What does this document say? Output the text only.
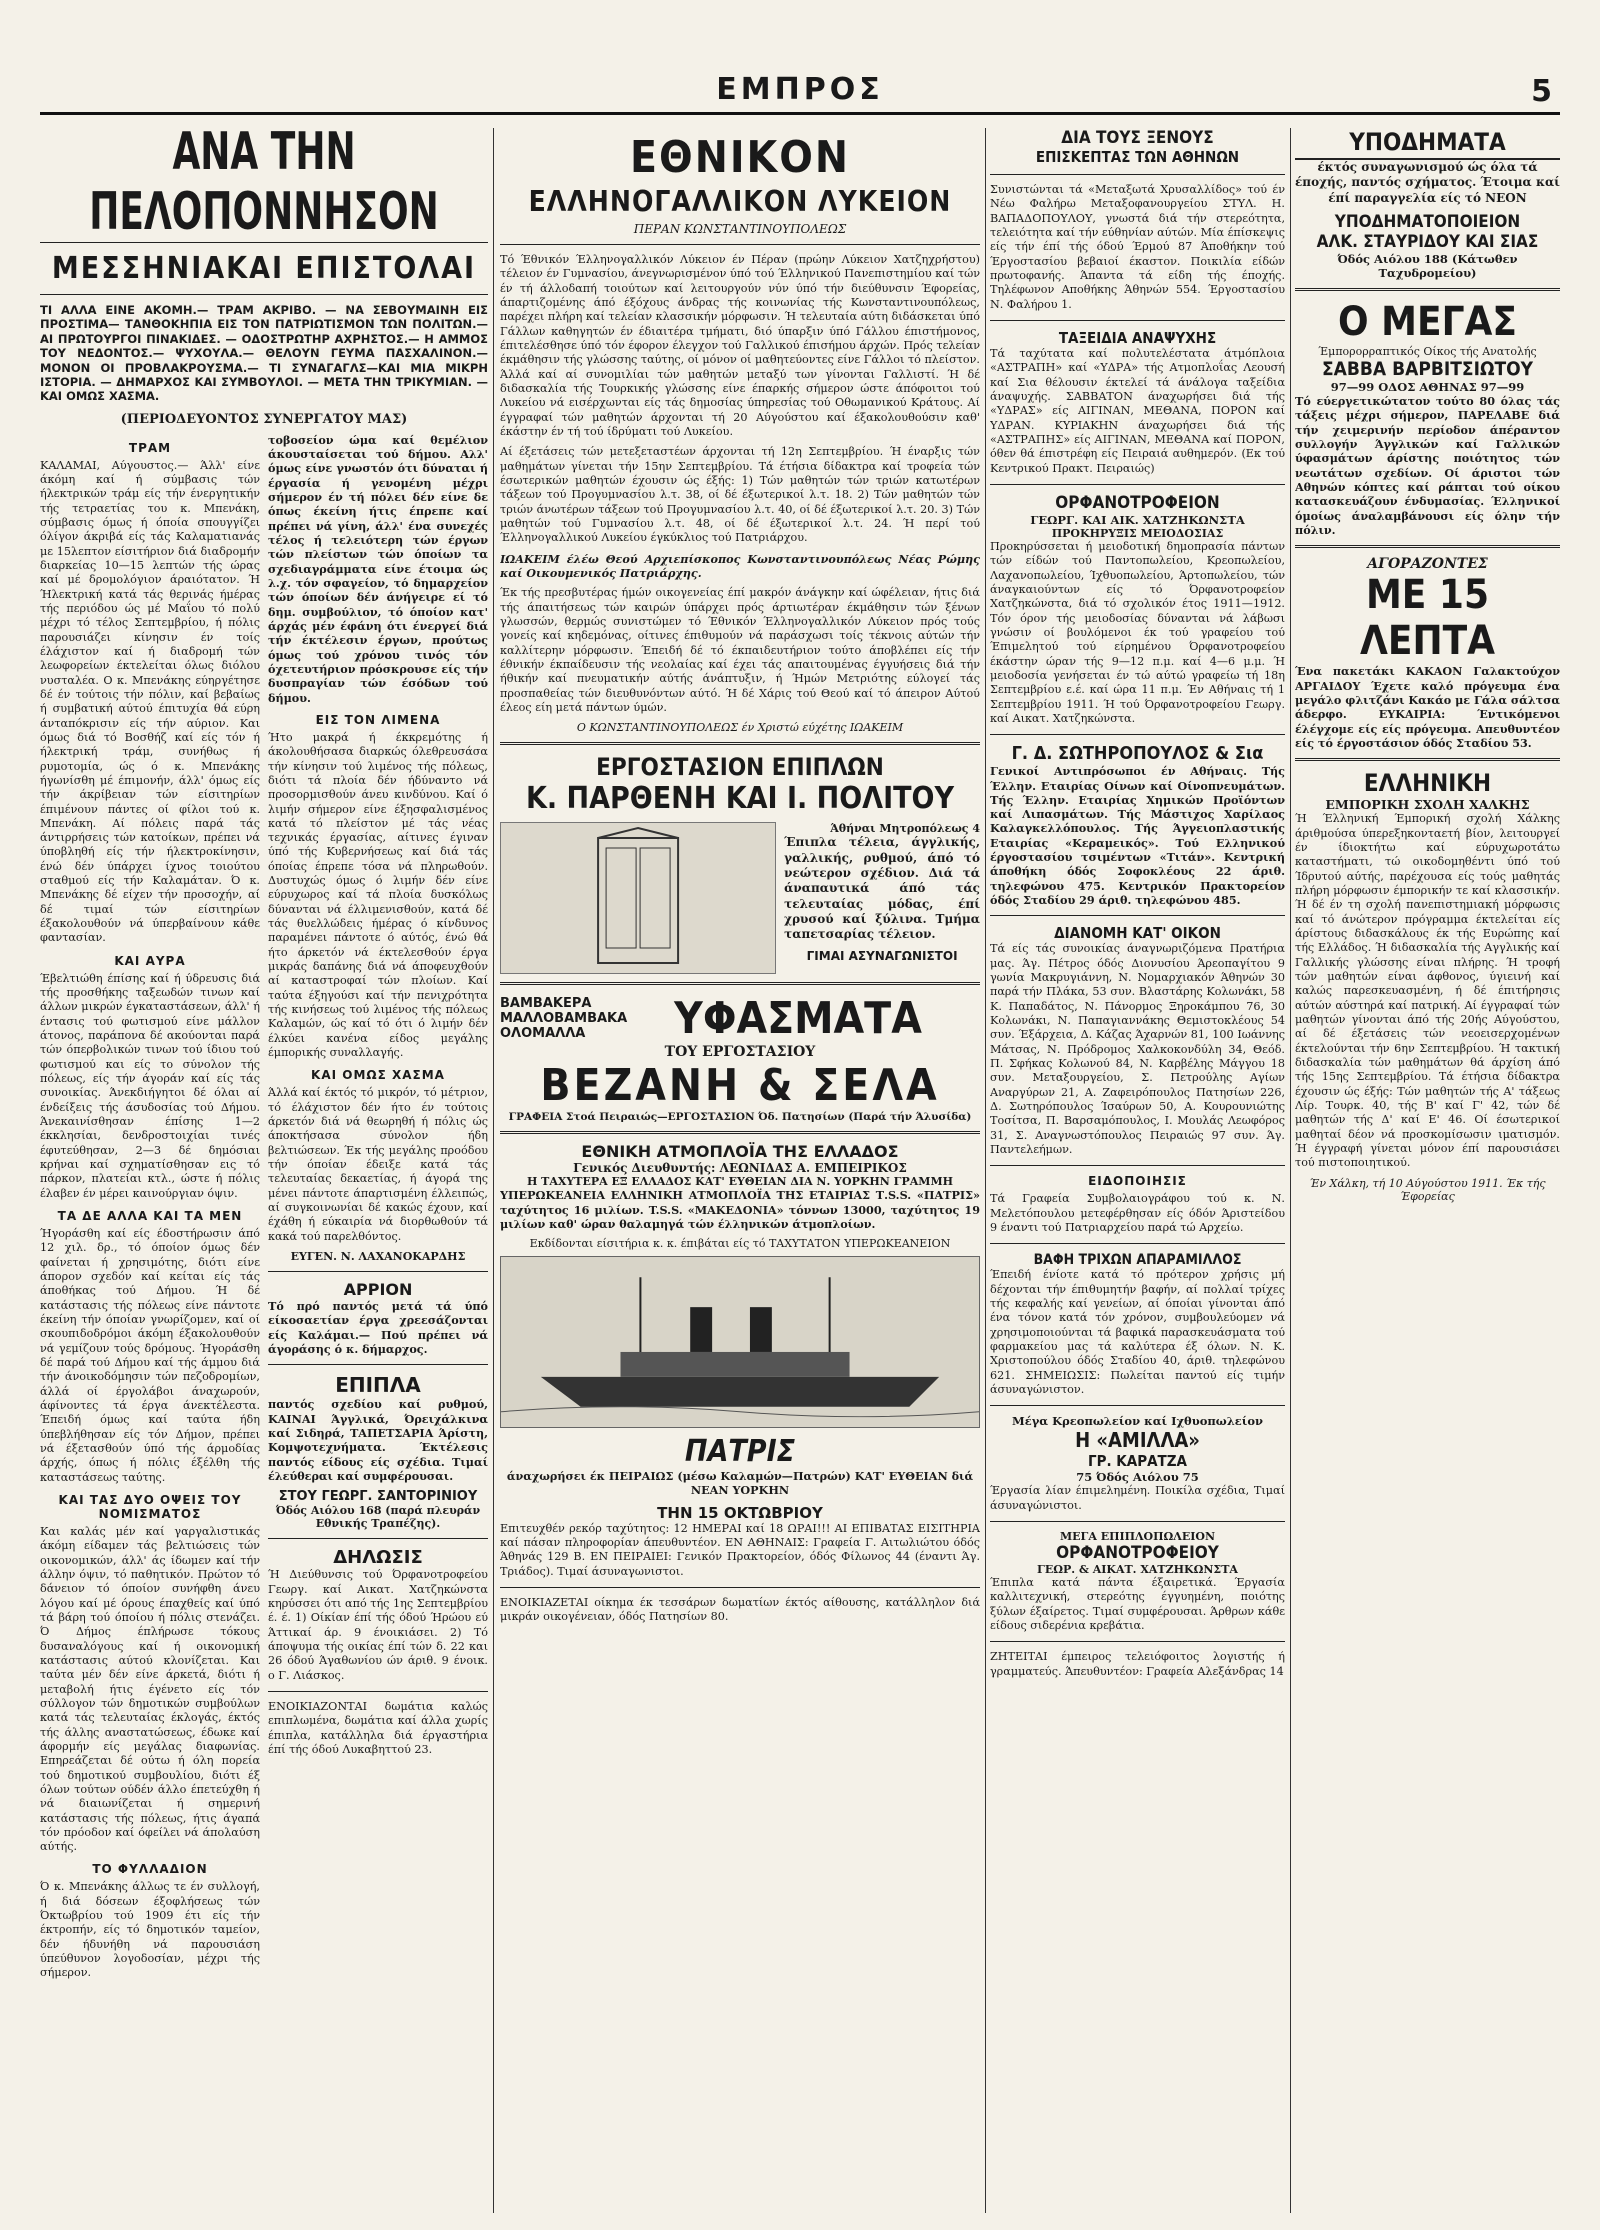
ΕΜΠΡΟΣ	5
ΑΝΑ ΤΗΝ ΠΕΛΟΠΟΝΝΗΣΟΝ
ΜΕΣΣΗΝΙΑΚΑΙ ΕΠΙΣΤΟΛΑΙ
ΤΙ ΑΛΛΑ ΕΙΝΕ ΑΚΟΜΗ.— ΤΡΑΜ ΑΚΡΙΒΟ. — ΝΑ ΣΕΒΟΥΜΑΙΝΗ ΕΙΣ ΠΡΟΣΤΙΜΑ— ΤΑΝΘΟΚΗΠΙΑ ΕΙΣ ΤΟΝ ΠΑΤΡΙΩΤΙΣΜΟΝ ΤΩΝ ΠΟΛΙΤΩΝ.— ΑΙ ΠΡΩΤΟΥΡΓΟΙ ΠΙΝΑΚΙΔΕΣ. — ΟΔΟΣΤΡΩΤΗΡ ΑΧΡΗΣΤΟΣ.— Η ΑΜΜΟΣ ΤΟΥ ΝΕΔΟΝΤΟΣ.— ΨΥΧΟΥΛΑ.— ΘΕΛΟΥΝ ΓΕΥΜΑ ΠΑΣΧΑΛΙΝΟΝ.— ΜΟΝΟΝ ΟΙ ΠΡΟΒΛΑΚΡΟΥΣΜΑ.— ΤΙ ΣΥΝΑΓΑΓΛΣ—ΚΑΙ ΜΙΑ ΜΙΚΡΗ ΙΣΤΟΡΙΑ. — ΔΗΜΑΡΧΟΣ ΚΑΙ ΣΥΜΒΟΥΛΟΙ. — ΜΕΤΑ ΤΗΝ ΤΡΙΚΥΜΙΑΝ. — ΚΑΙ ΟΜΩΣ ΧΑΣΜΑ.
(ΠΕΡΙΟΔΕΥΟΝΤΟΣ ΣΥΝΕΡΓΑΤΟΥ ΜΑΣ)
ΤΡΑΜ

ΚΑΛΑΜΑΙ, Αύγουστος.— Άλλ' είνε άκόμη καί ή σύμβασις τών ήλεκτρικών τράμ είς τήν ένεργητικήν τής τετραετίας του κ. Μπενάκη, σύμβασις όμως ή όποία σπουγγίζει όλίγον άκριβά είς τάς Καλαματιανάς με 15λεπτον είσιτήριον διά διαδρομήν διαρκείας 10—15 λεπτών τής ώρας καί μέ δρομολόγιον άραιότατον. Ή Ήλεκτρική κατά τάς θερινάς ήμέρας τής περιόδου ώς μέ Μαΐου τό πολύ μέχρι τό τέλος Σεπτεμβρίου, ή πόλις παρουσιάζει κίνησιν έν τοίς έλάχιστον καί ή διαδρομή τών λεωφορείων έκτελείται όλως διόλου νυσταλέα. Ο κ. Μπενάκης εύηργέτησε δέ έν τούτοις τήν πόλιν, καί βεβαίως ή συμβατική αύτού έπιτυχία θά εύρη άνταπόκρισιν είς τήν αύριον. Και όμως διά τό Βοσθήζ καί είς τόν ή ήλεκτρική τράμ, συνήθως ή ρυμοτομία, ώς ό κ. Μπενάκης ήγωνίσθη μέ έπιμονήν, άλλ' όμως είς τήν άκρίβειαν τών είσιτηρίων έπιμένουν πάντες οί φίλοι τού κ. Μπενάκη. Αί πόλεις παρά τάς άντιρρήσεις τών κατοίκων, πρέπει νά ύποβληθή είς τήν ήλεκτροκίνησιν, ένώ δέν ύπάρχει ίχνος τοιούτου σταθμού είς τήν Καλαμάταν. Ό κ. Μπενάκης δέ είχεν τήν προσοχήν, αί δέ τιμαί τών είσιτηρίων έξακολουθούν νά ύπερβαίνουν κάθε φαντασίαν.

ΚΑΙ ΑΥΡΑ

Έβελτιώθη έπίσης καί ή ύδρευσις διά τής προσθήκης ταξεωδών τινων καί άλλων μικρών έγκαταστάσεων, άλλ' ή έντασις τού φωτισμού είνε μάλλον άτονος, παράπονα δέ ακούονται παρά τών όπερβολικών τινων τού ίδιου τού φωτισμού και είς το σύνολον τής πόλεως, είς τήν άγοράν καί είς τάς συνοικίας. Άνεκδιήγητοι δέ όλαι αί ένδείξεις τής άσυδοσίας τού Δήμου. Άνεκαινίσθησαν έπίσης 1—2 έκκλησίαι, δενδροστοιχίαι τινές έφυτεύθησαν, 2—3 δέ δημόσιαι κρήναι καί σχηματίσθησαν εις τό πάρκον, πλατείαι κτλ., ώστε ή πόλις έλαβεν έν μέρει καινούργιαν όψιν.

ΤΑ ΔΕ ΑΛΛΑ ΚΑΙ ΤΑ ΜΕΝ

Ήγοράσθη καί είς έδοστήρωσιν άπό 12 χιλ. δρ., τό όποίον όμως δέν φαίνεται ή χρησιμότης, διότι είνε άπορον σχεδόν καί κείται είς τάς άποθήκας τού Δήμου. Ή δέ κατάστασις τής πόλεως είνε πάντοτε έκείνη τήν όποίαν γνωρίζομεν, καί οί σκουπιδοδρόμοι άκόμη έξακολουθούν νά γεμίζουν τούς δρόμους. Ήγοράσθη δέ παρά τού Δήμου καί τής άμμου διά τήν άνοικοδόμησιν τών πεζοδρομίων, άλλά οί έργολάβοι άναχωρούν, άφίνοντες τά έργα άνεκτέλεστα. Έπειδή όμως καί ταύτα ήδη ύπεβλήθησαν είς τόν Δήμον, πρέπει νά έξετασθούν ύπό τής άρμοδίας άρχής, όπως ή πόλις έξέλθη τής καταστάσεως ταύτης.

ΚΑΙ ΤΑΣ ΔΥΟ ΟΨΕΙΣ ΤΟΥ ΝΟΜΙΣΜΑΤΟΣ

Και καλάς μέν καί γαργαλιστικάς άκόμη είδαμεν τάς βελτιώσεις τών οικονομικών, άλλ' άς ίδωμεν καί τήν άλλην όψιν, τό παθητικόν. Πρώτον τό δάνειον τό όποίον συνήφθη άνευ λόγου καί μέ όρους έπαχθείς καί ύπό τά βάρη τού όποίου ή πόλις στενάζει. Ό Δήμος έπλήρωσε τόκους δυσαναλόγους καί ή οικονομική κατάστασις αύτού κλονίζεται. Και ταύτα μέν δέν είνε άρκετά, διότι ή μεταβολή ήτις έγένετο είς τόν σύλλογον τών δημοτικών συμβούλων κατά τάς τελευταίας έκλογάς, έκτός τής άλλης αναστατώσεως, έδωκε καί άφορμήν είς μεγάλας διαφωνίας. Επηρεάζεται δέ ούτω ή όλη πορεία τού δημοτικού συμβουλίου, διότι έξ όλων τούτων ούδέν άλλο έπετεύχθη ή νά διαιωνίζεται ή σημερινή κατάστασις τής πόλεως, ήτις άγαπά τόν πρόοδον καί όφείλει νά άπολαύση αύτής.

ΤΟ ΦΥΛΛΑΔΙΟΝ

Ό κ. Μπενάκης άλλως τε έν συλλογή, ή διά δόσεων έξοφλήσεως τών Όκτωβρίου τού 1909 έτι είς τήν έκτροπήν, είς τό δημοτικόν ταμείον, δέν ήδυνήθη νά παρουσιάση ύπεύθυνον λογοδοσίαν, μέχρι τής σήμερον.

τοβοσείον ώμα καί θεμέλιον άκουσταίσεται τού δήμου. Αλλ' όμως είνε γνωστόν ότι δύναται ή έργασία ή γενομένη μέχρι σήμερον έν τή πόλει δέν είνε δε όπως έκείνη ήτις έπρεπε καί πρέπει νά γίνη, άλλ' ένα συνεχές τέλος ή τελειότερη τών έργων τών πλείστων τών όποίων τα σχεδιαγράμματα είνε έτοιμα ώς λ.χ. τόν σφαγείον, τό δημαρχείον τών όποίων δέν άνήγειρε εί τό δημ. συμβούλιον, τό όποίον κατ' άρχάς μέν έφάνη ότι ένεργεί διά τήν έκτέλεσιν έργων, προύτως όμως τού χρόνου τινός τόν όχετευτήριον πρόσκρουσε είς τήν δυσπραγίαν τών έσόδων τού δήμου.

ΕΙΣ ΤΟΝ ΛΙΜΕΝΑ

Ήτο μακρά ή έκκρεμότης ή άκολουθήσασα διαρκώς όλεθρευσάσα τήν κίνησιν τού λιμένος τής πόλεως, διότι τά πλοία δέν ήδύναντο νά προσορμισθούν άνευ κινδύνου. Καί ό λιμήν σήμερον είνε έξησφαλισμένος κατά τό πλείστον μέ τάς νέας τεχνικάς έργασίας, αίτινες έγιναν ύπό τής Κυβερνήσεως καί διά τάς όποίας έπρεπε τόσα νά πληρωθούν. Δυστυχώς όμως ό λιμήν δέν είνε εύρυχωρος καί τά πλοία δυσκόλως δύνανται νά έλλιμενισθούν, κατά δέ τάς θυελλώδεις ήμέρας ό κίνδυνος παραμένει πάντοτε ό αύτός, ένώ θά ήτο άρκετόν νά έκτελεσθούν έργα μικράς δαπάνης διά νά άποφευχθούν αί καταστροφαί τών πλοίων. Καί ταύτα έξηγούσι καί τήν πενιχρότητα τής κινήσεως τού λιμένος τής πόλεως Καλαμών, ώς καί τό ότι ό λιμήν δέν έλκύει κανένα είδος μεγάλης έμπορικής συναλλαγής.

ΚΑΙ ΟΜΩΣ ΧΑΣΜΑ

Άλλά καί έκτός τό μικρόν, τό μέτριον, τό έλάχιστον δέν ήτο έν τούτοις άρκετόν διά νά θεωρηθή ή πόλις ώς άποκτήσασα σύνολον ήδη βελτιώσεων. Έκ τής μεγάλης προόδου τήν όποίαν έδειξε κατά τάς τελευταίας δεκαετίας, ή άγορά της μένει πάντοτε άπαρτισμένη έλλειπώς, αί συγκοινωνίαι δέ κακώς έχουν, καί έχάθη ή εύκαιρία νά διορθωθούν τά κακά τού παρελθόντος.

ΕΥΓΕΝ. Ν. ΛΑΧΑΝΟΚΑΡΔΗΣ
ΑΡΡΙΟΝ

Τό πρό παντός μετά τά ύπό είκοσαετίαν έργα χρεεσάζονται είς Καλάμαι.— Πού πρέπει νά άγοράσης ό κ. δήμαρχος.

ΕΠΙΠΛΑ

παντός σχεδίου καί ρυθμού, ΚΑΙΝΑΙ Άγγλικά, Όρειχάλκινα καί Σιδηρά, ΤΑΠΕΤΣΑΡΙΑ Άρίστη, Κομψοτεχνήματα. Έκτέλεσις παντός είδους είς σχέδια. Τιμαί έλεύθεραι καί συμφέρουσαι.

ΣΤΟΥ ΓΕΩΡΓ. ΣΑΝΤΟΡΙΝΙΟΥ
Όδός Αιόλου 168 (παρά πλευράν Εθνικής Τραπέζης).
ΔΗΛΩΣΙΣ

Ή Διεύθυνσις τού Όρφανοτροφείου Γεωργ. καί Αικατ. Χατζηκώνστα κηρύσσει ότι από τής 1ης Σεπτεμβρίου έ. έ. 1) Οίκίαν έπί τής όδού Ήρώου εύ Άττικαί άρ. 9 ένοικιάσει. 2) Τό άποψυμα τής οικίας έπί τών δ. 22 και 26 όδού Άγαθωνίου ών άριθ. 9 ένοικ. ο Γ. Λιάσκος.

ΕΝΟΙΚΙΑΖΟΝΤΑΙ δωμάτια καλώς επιπλωμένα, δωμάτια καί άλλα χωρίς έπιπλα, κατάλληλα διά έργαστήρια έπί τής όδού Λυκαβηττού 23.

ΕΘΝΙΚΟΝ
ΕΛΛΗΝΟΓΑΛΛΙΚΟΝ ΛΥΚΕΙΟΝ
ΠΕΡΑΝ ΚΩΝΣΤΑΝΤΙΝΟΥΠΟΛΕΩΣ

Τό Έθνικόν Έλληνογαλλικόν Λύκειον έν Πέραν (πρώην Λύκειον Χατζηχρήστου) τέλειον έν Γυμνασίου, άνεγνωρισμένον ύπό τού Έλληνικού Πανεπιστημίου καί τών έν τή άλλοδαπή τοιούτων καί λειτουργούν νύν ύπό τήν διεύθυνσιν Έφορείας, άπαρτιζομένης άπό έξόχους άνδρας τής κοινωνίας τής Κωνσταντινουπόλεως, παρέχει πλήρη καί τελείαν κλασσικήν μόρφωσιν. Ή τελευταία αύτη διδάσκεται ύπό Γάλλων καθηγητών έν έδιαιτέρα τμήματι, διό ύπαρξιν ύπό Γάλλου έπιστήμονος, έπιτελέσθησε ύπό τόν έφορον έλεγχον τού Γαλλικού έπισήμου άρχών. Πρός τελείαν έκμάθησιν τής γλώσσης ταύτης, οί μόνον οί μαθητεύοντες είνε Γάλλοι τό πλείστον. Άλλά καί αί συνομιλίαι τών μαθητών μεταξύ των γίνονται Γαλλιστί. Ή δέ διδασκαλία τής Τουρκικής γλώσσης είνε έπαρκής σήμερον ώστε άπόφοιτοι τού Λυκείου νά εισέρχωνται είς τάς δημοσίας ύπηρεσίας τού Οθωμανικού Κράτους. Αί έγγραφαί τών μαθητών άρχονται τή 20 Αύγούστου καί έξακολουθούσιν καθ' έκάστην έν τή τού ίδρύματι τού Λυκείου.

Αί έξετάσεις τών μετεξεταστέων άρχονται τή 12η Σεπτεμβρίου. Ή έναρξις τών μαθημάτων γίνεται τήν 15ην Σεπτεμβρίου. Τά έτήσια δίδακτρα καί τροφεία τών έσωτερικών μαθητών έχουσιν ώς έξής: 1) Τών μαθητών τών τριών κατωτέρων τάξεων τού Προγυμνασίου λ.τ. 38, οί δέ έξωτερικοί λ.τ. 18. 2) Τών μαθητών τών τριών άνωτέρων τάξεων τού Προγυμνασίου λ.τ. 40, οί δέ έξωτερικοί λ.τ. 20. 3) Τών μαθητών τού Γυμνασίου λ.τ. 48, οί δέ έξωτερικοί λ.τ. 24. Ή περί τού Έλληνογαλλικού Λυκείου έγκύκλιος τού Πατριάρχου.

ΙΩΑΚΕΙΜ έλέω Θεού Αρχιεπίσκοπος Κωνσταντινουπόλεως Νέας Ρώμης καί Οικουμενικός Πατριάρχης.

Έκ τής πρεσβυτέρας ήμών οικογενείας έπί μακρόν άνάγκην καί ώφέλειαν, ήτις διά τής άπαιτήσεως τών καιρών ύπάρχει πρός άρτιωτέραν έκμάθησιν τών ξένων γλωσσών, θερμώς συνιστώμεν τό Έθνικόν Έλληνογαλλικόν Λύκειον πρός τούς γονείς καί κηδεμόνας, οίτινες έπιθυμούν νά παράσχωσι τοίς τέκνοις αύτών τήν καλλίτερην μόρφωσιν. Έπειδή δέ τό έκπαιδευτήριον τούτο άποβλέπει είς τήν έθνικήν έκπαίδευσιν τής νεολαίας καί έχει τάς απαιτουμένας έγγυήσεις διά τήν ήθικήν καί πνευματικήν αύτής άνάπτυξιν, ή Ήμών Μετριότης εύλογεί τάς προσπαθείας τών διευθυνόντων αύτό. Ή δέ Χάρις τού Θεού καί τό άπειρον Αύτού έλεος είη μετά πάντων ύμών.

Ο ΚΩΝΣΤΑΝΤΙΝΟΥΠΟΛΕΩΣ έν Χριστώ εύχέτης ΙΩΑΚΕΙΜ
ΕΡΓΟΣΤΑΣΙΟΝ ΕΠΙΠΛΩΝ
Κ. ΠΑΡΘΕΝΗ ΚΑΙ Ι. ΠΟΛΙΤΟΥ
Άθήναι Μητροπόλεως 4

Έπιπλα τέλεια, άγγλικής, γαλλικής, ρυθμού, άπό τό νεώτερον σχέδιον. Διά τά άναπαυτικά άπό τάς τελευταίας μόδας, έπί χρυσού καί ξύλινα. Τμήμα ταπετσαρίας τέλειον.

ΓΙΜΑΙ ΑΣΥΝΑΓΩΝΙΣΤΟΙ
ΒΑΜΒΑΚΕΡΑ ΜΑΛΛΟΒΑΜΒΑΚΑ ΟΛΟΜΑΛΛΑ	ΥΦΑΣΜΑΤΑ
ΤΟΥ ΕΡΓΟΣΤΑΣΙΟΥ
ΒΕΖΑΝΗ & ΣΕΛΑ
ΓΡΑΦΕΙΑ Στοά Πειραιώς—ΕΡΓΟΣΤΑΣΙΟΝ Όδ. Πατησίων (Παρά τήν Άλυσίδα)
ΕΘΝΙΚΗ ΑΤΜΟΠΛΟΪΑ ΤΗΣ ΕΛΛΑΔΟΣ
Γενικός Διευθυντής: ΛΕΩΝΙΔΑΣ Α. ΕΜΠΕΙΡΙΚΟΣ
Η ΤΑΧΥΤΕΡΑ ΕΞ ΕΛΛΑΔΟΣ ΚΑΤ' ΕΥΘΕΙΑΝ ΔΙΑ Ν. ΥΟΡΚΗΝ ΓΡΑΜΜΗ

ΥΠΕΡΩΚΕΑΝΕΙΑ ΕΛΛΗΝΙΚΗ ΑΤΜΟΠΛΟΪΑ ΤΗΣ ΕΤΑΙΡΙΑΣ Τ.S.S. «ΠΑΤΡΙΣ» ταχύτητος 16 μιλίων. T.S.S. «ΜΑΚΕΔΟΝΙΑ» τόννων 13000, ταχύτητος 19 μιλίων καθ' ώραν θαλαμηγά τών έλληνικών άτμοπλοίων.

Εκδίδονται είσιτήρια κ. κ. έπιβάται είς τό ΤΑΧΥΤΑΤΟΝ ΥΠΕΡΩΚΕΑΝΕΙΟΝ
ΠΑΤΡΙΣ

άναχωρήσει έκ ΠΕΙΡΑΙΩΣ (μέσω Καλαμών—Πατρών) ΚΑΤ' ΕΥΘΕΙΑΝ διά ΝΕΑΝ ΥΟΡΚΗΝ

ΤΗΝ 15 ΟΚΤΩΒΡΙΟΥ

Επιτευχθέν ρεκόρ ταχύτητος: 12 ΗΜΕΡΑΙ καί 18 ΩΡΑΙ!!! ΑΙ ΕΠΙΒΑΤΑΣ ΕΙΣΙΤΗΡΙΑ καί πάσαν πληροφορίαν άπευθυντέον. ΕΝ ΑΘΗΝΑΙΣ: Γραφεία Γ. Αιτωλιώτου όδός Άθηνάς 129 Β. ΕΝ ΠΕΙΡΑΙΕΙ: Γενικόν Πρακτορείον, όδός Φίλωνος 44 (έναντι Άγ. Τριάδος). Τιμαί άσυναγωνιστοι.

ΕΝΟΙΚΙΑΖΕΤΑΙ οίκημα έκ τεσσάρων δωματίων έκτός αίθουσης, κατάλληλον διά μικράν οικογένειαν, όδός Πατησίων 80.

ΔΙΑ ΤΟΥΣ ΞΕΝΟΥΣ
ΕΠΙΣΚΕΠΤΑΣ ΤΩΝ ΑΘΗΝΩΝ

Συνιστώνται τά «Μεταξωτά Χρυσαλλίδος» τού έν Νέω Φαλήρω Μεταξοφανουργείου ΣΤΥΛ. Η. ΒΑΠΑΔΟΠΟΥΛΟΥ, γνωστά διά τήν στερεότητα, τελειότητα καί τήν εύθηνίαν αύτών. Μία έπίσκεψις είς τήν έπί τής όδού Έρμού 87 Άποθήκην τού Έργοστασίου βεβαιοί έκαστον. Ποικιλία είδών πρωτοφανής. Άπαντα τά είδη τής έποχής. Τηλέφωνον Αποθήκης Άθηνών 554. Έργοστασίου Ν. Φαλήρου 1.

ΤΑΞΕΙΔΙΑ ΑΝΑΨΥΧΗΣ

Τά ταχύτατα καί πολυτελέστατα άτμόπλοια «ΑΣΤΡΑΠΗ» καί «ΥΔΡΑ» τής Ατμοπλοΐας Λεουσή καί Σια θέλουσιν έκτελεί τά άνάλογα ταξείδια άναψυχής. ΣΑΒΒΑΤΟΝ άναχωρήσει διά τής «ΥΔΡΑΣ» είς ΑΙΓΙΝΑΝ, ΜΕΘΑΝΑ, ΠΟΡΟΝ καί ΥΔΡΑΝ. ΚΥΡΙΑΚΗΝ άναχωρήσει διά τής «ΑΣΤΡΑΠΗΣ» είς ΑΙΓΙΝΑΝ, ΜΕΘΑΝΑ καί ΠΟΡΟΝ, όθεν θά έπιστρέφη είς Πειραιά αυθημερόν. (Εκ τού Κεντρικού Πρακτ. Πειραιώς)

ΟΡΦΑΝΟΤΡΟΦΕΙΟΝ
ΓΕΩΡΓ. ΚΑΙ ΑΙΚ. ΧΑΤΖΗΚΩΝΣΤΑ
ΠΡΟΚΗΡΥΞΙΣ ΜΕΙΟΔΟΣΙΑΣ

Προκηρύσσεται ή μειοδοτική δημοπρασία πάντων τών είδών τού Παντοπωλείου, Κρεοπωλείου, Λαχανοπωλείου, Ίχθυοπωλείου, Άρτοπωλείου, τών άναγκαιούντων είς τό Όρφανοτροφείον Χατζηκώνστα, διά τό σχολικόν έτος 1911—1912. Τόν όρον τής μειοδοσίας δύνανται νά λάβωσι γνώσιν οί βουλόμενοι έκ τού γραφείου τού Έπιμελητού τού είρημένου Όρφανοτροφείου έκάστην ώραν τής 9—12 π.μ. καί 4—6 μ.μ. Ή μειοδοσία γενήσεται έν τώ αύτώ γραφείω τή 18η Σεπτεμβρίου ε.έ. καί ώρα 11 π.μ. Έν Αθήναις τή 1 Σεπτεμβρίου 1911. Ή τού Όρφανοτροφείου Γεωργ. καί Αικατ. Χατζηκώνστα.

Γ. Δ. ΣΩΤΗΡΟΠΟΥΛΟΣ & Σια

Γενικοί Αντιπρόσωποι έν Αθήναις. Τής Έλλην. Εταιρίας Οίνων καί Οίνοπνευμάτων. Τής Έλλην. Εταιρίας Χημικών Προϊόντων καί Λιπασμάτων. Τής Μάστιχος Χαρίλαος Καλαγκελλόπουλος. Τής Άγγειοπλαστικής Εταιρίας «Κεραμεικός». Τού Ελληνικού έργοστασίου τσιμέντων «Τιτάν». Κεντρική άποθήκη όδός Σοφοκλέους 22 άριθ. τηλεφώνου 475. Κεντρικόν Πρακτορείον όδός Σταδίου 29 άριθ. τηλεφώνου 485.

ΔΙΑΝΟΜΗ ΚΑΤ' ΟΙΚΟΝ

Τά είς τάς συνοικίας άναγνωριζόμενα Πρατήρια μας. Άγ. Πέτρος όδός Διονυσίου Άρεοπαγίτου 9 γωνία Μακρυγιάννη, Ν. Νομαρχιακόν Άθηνών 30 παρά τήν Πλάκα, 53 συν. Βλαστάρης Κολωνάκι, 58 Κ. Παπαδάτος, Ν. Πάνορμος Ξηροκάμπου 76, 30 Κολωνάκι, Ν. Παπαγιαννάκης Θεμιστοκλέους 54 συν. Έξάρχεια, Δ. Κάζας Άχαρνών 81, 100 Ιωάννης Μάτσας, Ν. Πρόδρομος Χαλκοκονδύλη 34, Θεόδ. Π. Σφήκας Κολωνού 84, Ν. Καρβέλης Μάγγου 18 συν. Μεταξουργείου, Σ. Πετρούλης Αγίων Αναργύρων 21, Α. Ζαφειρόπουλος Πατησίων 226, Δ. Σωτηρόπουλος Ίσαύρων 50, Α. Κουρουνιώτης Τοσίτσα, Π. Βαρσαμόπουλος, Ι. Μουλάς Λεωφόρος 31, Σ. Αναγνωστόπουλος Πειραιώς 97 συν. Άγ. Παντελεήμων.

ΕΙΔΟΠΟΙΗΣΙΣ

Τά Γραφεία Συμβολαιογράφου τού κ. Ν. Μελετόπουλου μετεφέρθησαν είς όδόν Άριστείδου 9 έναντι τού Πατριαρχείου παρά τώ Αρχείω.

ΒΑΦΗ ΤΡΙΧΩΝ ΑΠΑΡΑΜΙΛΛΟΣ

Έπειδή ένίοτε κατά τό πρότερον χρήσις μή δέχονται τήν έπιθυμητήν βαφήν, αί πολλαί τρίχες τής κεφαλής καί γενείων, αί όποίαι γίνονται άπό ένα τόνον κατά τόν χρόνον, συμβουλεύομεν νά χρησιμοποιούνται τά βαφικά παρασκευάσματα τού φαρμακείου μας τά καλύτερα έξ όλων. Ν. Κ. Χριστοπούλου όδός Σταδίου 40, άριθ. τηλεφώνου 621. ΣΗΜΕΙΩΣΙΣ: Πωλείται παντού είς τιμήν άσυναγώνιστον.

Μέγα Κρεοπωλείον καί Ιχθυοπωλείον
Η «ΑΜΙΛΛΑ»
ΓΡ. ΚΑΡΑΤΖΑ
75 Όδός Αιόλου 75

Έργασία λίαν έπιμελημένη. Ποικίλα σχέδια, Τιμαί άσυναγώνιστοι.

ΜΕΓΑ ΕΠΙΠΛΟΠΩΛΕΙΟΝ
ΟΡΦΑΝΟΤΡΟΦΕΙΟΥ
ΓΕΩΡ. & ΑΙΚΑΤ. ΧΑΤΖΗΚΩΝΣΤΑ

Έπιπλα κατά πάντα έξαιρετικά. Έργασία καλλιτεχνική, στερεότης έγγυημένη, ποιότης ξύλων έξαίρετος. Τιμαί συμφέρουσαι. Άρθρων κάθε είδους σιδερένια κρεβάτια.

ΖΗΤΕΙΤΑΙ έμπειρος τελειόφοιτος λογιστής ή γραμματεύς. Άπευθυντέον: Γραφεία Αλεξάνδρας 14

ΥΠΟΔΗΜΑΤΑ

έκτός συναγωνισμού ώς όλα τά έποχής, παντός σχήματος. Έτοιμα καί έπί παραγγελία είς τό ΝΕΟΝ

ΥΠΟΔΗΜΑΤΟΠΟΙΕΙΟΝ
ΑΛΚ. ΣΤΑΥΡΙΔΟΥ ΚΑΙ ΣΙΑΣ
Όδός Αιόλου 188 (Κάτωθεν Ταχυδρομείου)
Ο ΜΕΓΑΣ
Έμπορορραπτικός Οίκος τής Ανατολής
ΣΑΒΒΑ ΒΑΡΒΙΤΣΙΩΤΟΥ
97—99 ΟΔΟΣ ΑΘΗΝΑΣ 97—99

Τό εύεργετικώτατον τούτο 80 όλας τάς τάξεις μέχρι σήμερον, ΠΑΡΕΛΑΒΕ διά τήν χειμερινήν περίοδον άπέραντον συλλογήν Άγγλικών καί Γαλλικών ύφασμάτων άρίστης ποιότητος τών νεωτάτων σχεδίων. Οί άριστοι τών Αθηνών κόπτες καί ράπται τού οίκου κατασκευάζουν ένδυμασίας. Έλληνικοί όμοίως άναλαμβάνουσι είς όλην τήν πόλιν.

ΑΓΟΡΑΖΟΝΤΕΣ
ΜΕ 15 ΛΕΠΤΑ

Ένα πακετάκι ΚΑΚΑΟΝ Γαλακτούχον ΑΡΓΑΙΔΟΥ Έχετε καλό πρόγευμα ένα μεγάλο φλιτζάνι Κακάο με Γάλα σάλτσα άδερφο. ΕΥΚΑΙΡΙΑ: Έντικόμενοι έλέγχομε είς είς πρόγευμα. Απευθυντέον είς τό έργοστάσιον όδός Σταδίου 53.

ΕΛΛΗΝΙΚΗ
ΕΜΠΟΡΙΚΗ ΣΧΟΛΗ ΧΑΛΚΗΣ

Ή Έλληνική Έμπορική σχολή Χάλκης άριθμούσα ύπερεξηκονταετή βίον, λειτουργεί έν ίδιοκτήτω καί εύρυχωροτάτω καταστήματι, τώ οικοδομηθέντι ύπό τού Ίδρυτού αύτής, παρέχουσα είς τούς μαθητάς πλήρη μόρφωσιν έμπορικήν τε καί κλασσικήν. Ή δέ έν τη σχολή πανεπιστημιακή μόρφωσις καί τό άνώτερον πρόγραμμα έκτελείται είς άρίστους διδασκάλους έκ τής Ευρώπης καί τής Ελλάδος. Ή διδασκαλία τής Αγγλικής καί Γαλλικής γλώσσης είναι πλήρης. Ή τροφή τών μαθητών είναι άφθονος, ύγιεινή καί καλώς παρεσκευασμένη, ή δέ έπιτήρησις αύτών αύστηρά καί πατρική. Αί έγγραφαί τών μαθητών γίνονται άπό τής 20ής Αύγούστου, αί δέ έξετάσεις τών νεοεισερχομένων έκτελούνται τήν 6ην Σεπτεμβρίου. Ή τακτική διδασκαλία τών μαθημάτων θά άρχίση άπό τής 15ης Σεπτεμβρίου. Τά έτήσια δίδακτρα έχουσιν ώς έξής: Τών μαθητών τής Α' τάξεως Λίρ. Τουρκ. 40, τής Β' καί Γ' 42, τών δέ μαθητών τής Δ' καί Ε' 46. Οί έσωτερικοί μαθηταί δέον νά προσκομίσωσιν ιματισμόν. Ή έγγραφή γίνεται μόνον έπί παρουσιάσει τού πιστοποιητικού.

Έν Χάλκη, τή 10 Αύγούστου 1911. Έκ τής Έφορείας
